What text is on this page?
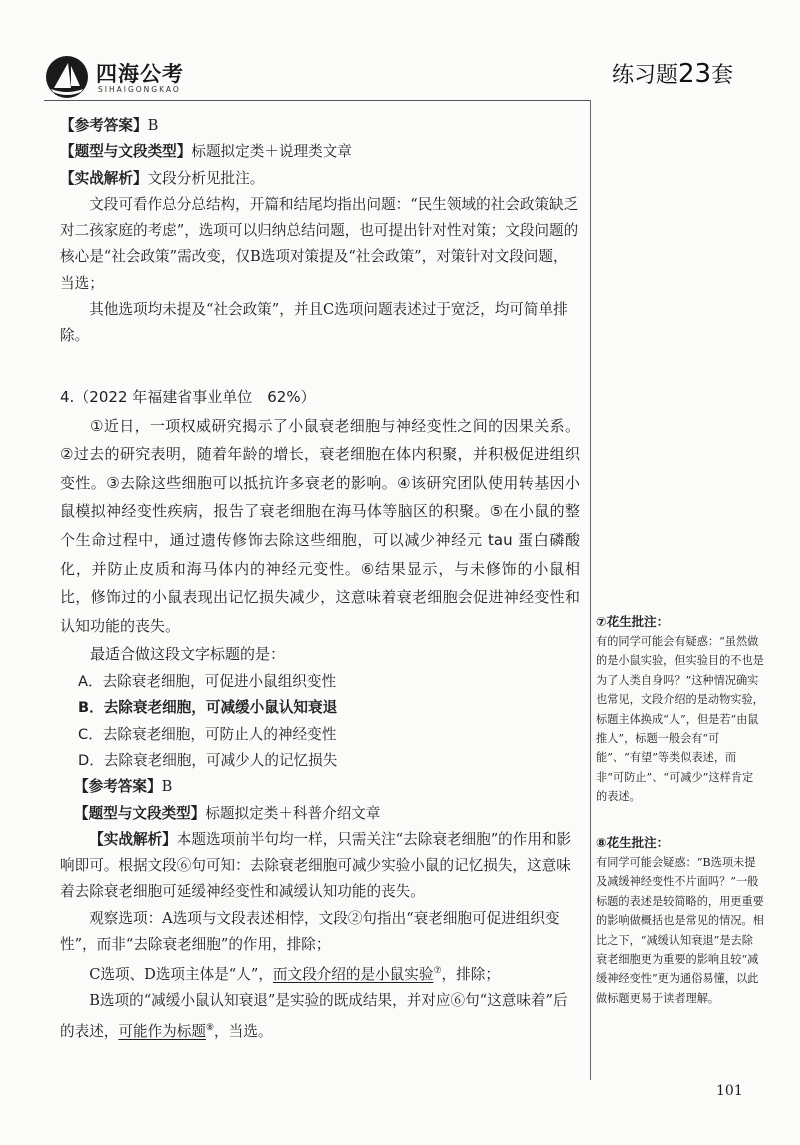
四海公考
SIHAIGONGKAO
练习题23套

【参考答案】B

【题型与文段类型】标题拟定类＋说理类文章

【实战解析】文段分析见批注。

文段可看作总分总结构，开篇和结尾均指出问题：“民生领域的社会政策缺乏对二孩家庭的考虑”，选项可以归纳总结问题，也可提出针对性对策；文段问题的核心是“社会政策”需改变，仅B选项对策提及“社会政策”，对策针对文段问题，当选；

其他选项均未提及“社会政策”，并且C选项问题表述过于宽泛，均可简单排除。

4.（2022 年福建省事业单位　62%）

①近日，一项权威研究揭示了小鼠衰老细胞与神经变性之间的因果关系。②过去的研究表明，随着年龄的增长，衰老细胞在体内积聚，并积极促进组织变性。③去除这些细胞可以抵抗许多衰老的影响。④该研究团队使用转基因小鼠模拟神经变性疾病，报告了衰老细胞在海马体等脑区的积聚。⑤在小鼠的整个生命过程中，通过遗传修饰去除这些细胞，可以减少神经元 tau 蛋白磷酸化，并防止皮质和海马体内的神经元变性。⑥结果显示，与未修饰的小鼠相比，修饰过的小鼠表现出记忆损失减少，这意味着衰老细胞会促进神经变性和认知功能的丧失。

最适合做这段文字标题的是：

A．去除衰老细胞，可促进小鼠组织变性

B．去除衰老细胞，可减缓小鼠认知衰退

C．去除衰老细胞，可防止人的神经变性

D．去除衰老细胞，可减少人的记忆损失

【参考答案】B

【题型与文段类型】标题拟定类＋科普介绍文章

【实战解析】本题选项前半句均一样，只需关注“去除衰老细胞”的作用和影响即可。根据文段⑥句可知：去除衰老细胞可减少实验小鼠的记忆损失，这意味着去除衰老细胞可延缓神经变性和减缓认知功能的丧失。

观察选项：A选项与文段表述相悖，文段②句指出“衰老细胞可促进组织变性”，而非“去除衰老细胞”的作用，排除；

C选项、D选项主体是“人”，而文段介绍的是小鼠实验⑦，排除；

B选项的“减缓小鼠认知衰退”是实验的既成结果，并对应⑥句“这意味着”后的表述，可能作为标题⑧，当选。

⑦花生批注：

有的同学可能会有疑惑：“虽然做的是小鼠实验，但实验目的不也是为了人类自身吗？”这种情况确实也常见，文段介绍的是动物实验，标题主体换成“人”，但是若“由鼠推人”，标题一般会有“可能”、“有望”等类似表述，而非“可防止”、“可减少”这样肯定的表述。

⑧花生批注：

有同学可能会疑惑：“B选项未提及减缓神经变性不片面吗？”一般标题的表述是较简略的，用更重要的影响做概括也是常见的情况。相比之下，“减缓认知衰退”是去除衰老细胞更为重要的影响且较“减缓神经变性”更为通俗易懂，以此做标题更易于读者理解。

101
